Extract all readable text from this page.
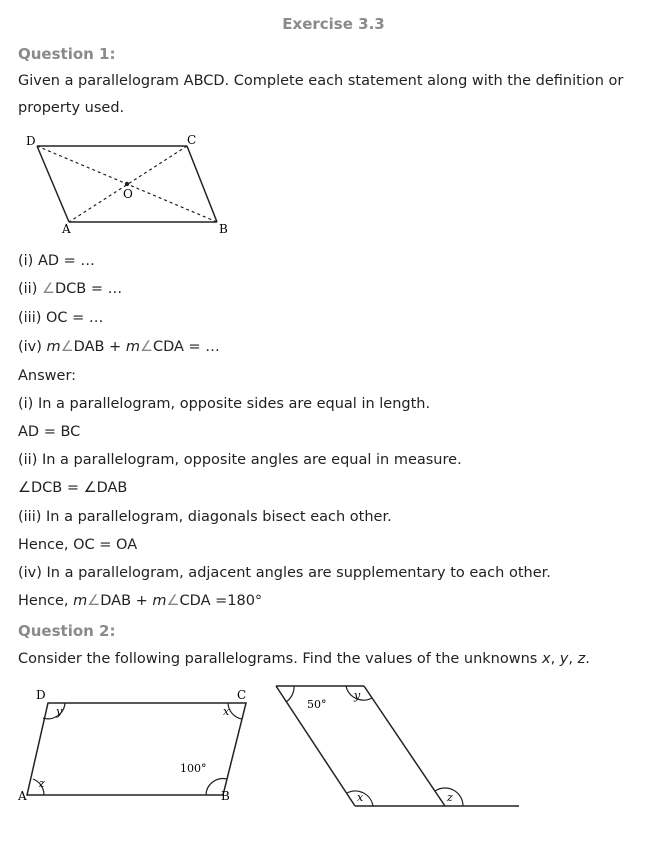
Exercise 3.3
Question 1:
Given a parallelogram ABCD. Complete each statement along with the definition or
property used.
D	C
O
A	B
(i) AD = …
(ii) ∠DCB = …
(iii) OC = …
(iv) m∠DAB + m∠CDA = …
Answer:
(i) In a parallelogram, opposite sides are equal in length.
AD = BC
(ii) In a parallelogram, opposite angles are equal in measure.
∠DCB = ∠DAB
(iii) In a parallelogram, diagonals bisect each other.
Hence, OC = OA
(iv) In a parallelogram, adjacent angles are supplementary to each other.
Hence, m∠DAB + m∠CDA =180°
Question 2:
Consider the following parallelograms. Find the values of the unknowns x, y, z.
D	C
A	B
y	x
z
100°
50°
y
x	z
